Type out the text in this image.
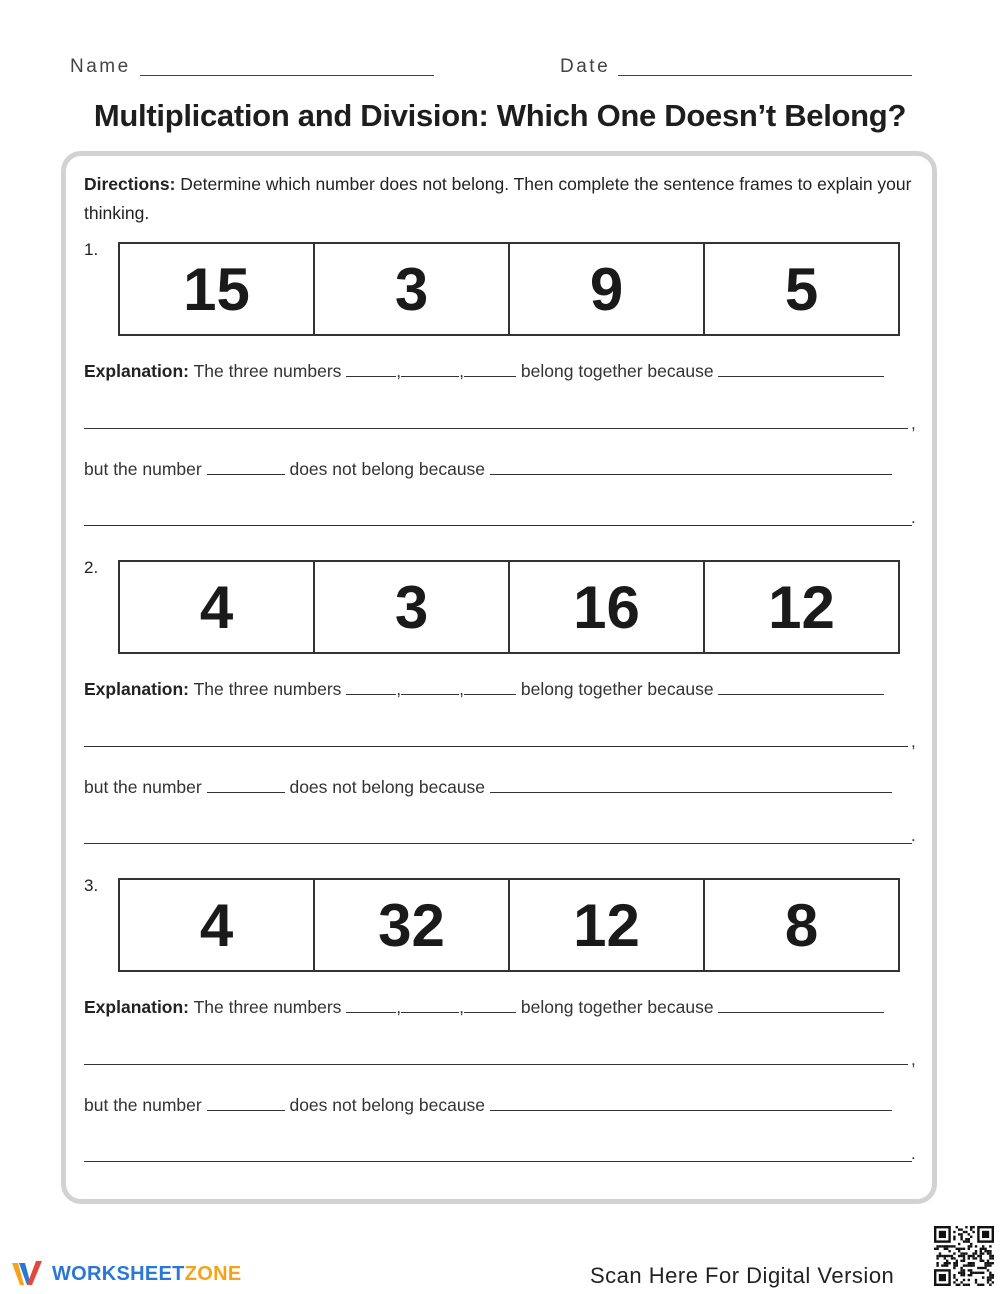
Name	Date
Multiplication and Division: Which One Doesn’t Belong?
Directions: Determine which number does not belong. Then complete the sentence frames to explain your thinking.
1.
15	3	9	5
Explanation: The three numbers	,	,	belong together because
,
but the number	does not belong because
.
2.
4	3	16	12
Explanation: The three numbers	,	,	belong together because
,
but the number	does not belong because
.
3.
4	32	12	8
Explanation: The three numbers	,	,	belong together because
,
but the number	does not belong because
.
WORKSHEETZONE	Scan Here For Digital Version
